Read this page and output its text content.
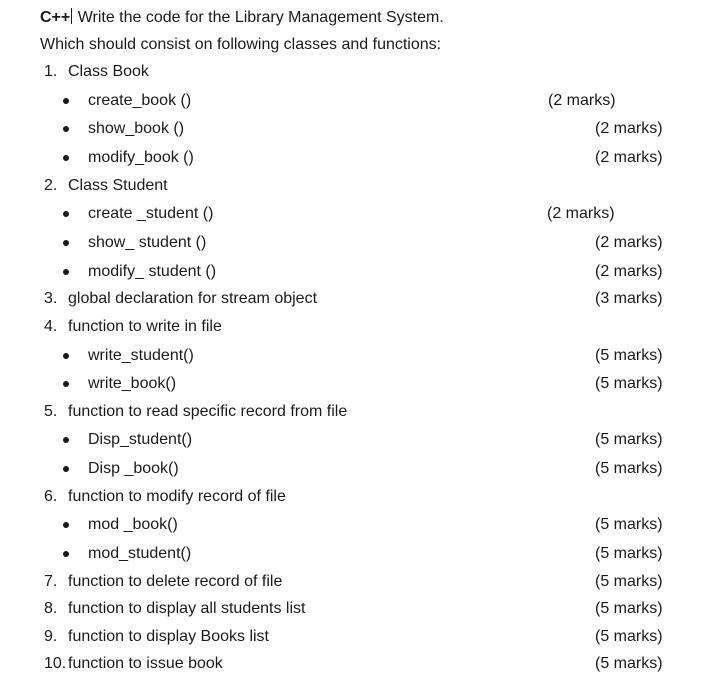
C++ Write the code for the Library Management System.
Which should consist on following classes and functions:
1. Class Book
create_book ()	(2 marks)
show_book ()	(2 marks)
modify_book ()	(2 marks)
2. Class Student
create _student ()	(2 marks)
show_ student ()	(2 marks)
modify_ student ()	(2 marks)
3. global declaration for stream object	(3 marks)
4. function to write in file
write_student()	(5 marks)
write_book()	(5 marks)
5. function to read specific record from file
Disp_student()	(5 marks)
Disp _book()	(5 marks)
6. function to modify record of file
mod _book()	(5 marks)
mod_student()	(5 marks)
7. function to delete record of file	(5 marks)
8. function to display all students list	(5 marks)
9. function to display Books list	(5 marks)
10. function to issue book	(5 marks)
